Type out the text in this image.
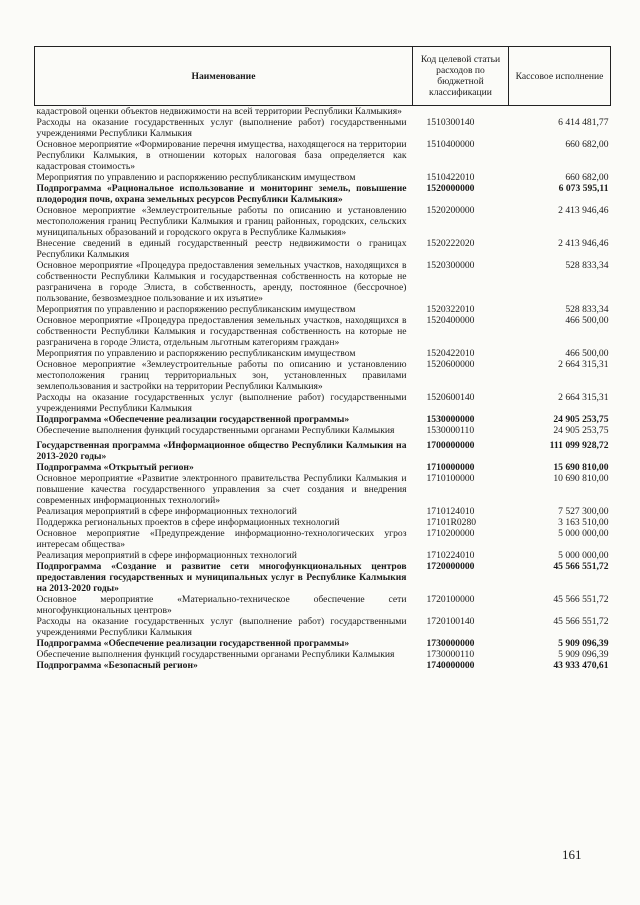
Наименование	Код целевой статьи расходов по бюджетной классификации	Кассовое исполнение
кадастровой оценки объектов недвижимости на всей территории Республики Калмыкия»		
Расходы на оказание государственных услуг (выполнение работ) государственными учреждениями Республики Калмыкия	1510300140	6 414 481,77
Основное мероприятие «Формирование перечня имущества, находящегося на территории Республики Калмыкия, в отношении которых налоговая база определяется как кадастровая стоимость»	1510400000	660 682,00
Мероприятия по управлению и распоряжению республиканским имуществом	1510422010	660 682,00
Подпрограмма «Рациональное использование и мониторинг земель, повышение плодородия почв, охрана земельных ресурсов Республики Калмыкия»	1520000000	6 073 595,11
Основное мероприятие «Землеустроительные работы по описанию и установлению местоположения границ Республики Калмыкия и границ районных, городских, сельских муниципальных образований и городского округа в Республике Калмыкия»	1520200000	2 413 946,46
Внесение сведений в единый государственный реестр недвижимости о границах Республики Калмыкия	1520222020	2 413 946,46
Основное мероприятие «Процедура предоставления земельных участков, находящихся в собственности Республики Калмыкия и государственная собственность на которые не разграничена в городе Элиста, в собственность, аренду, постоянное (бессрочное) пользование, безвозмездное пользование и их изъятие»	1520300000	528 833,34
Мероприятия по управлению и распоряжению республиканским имуществом	1520322010	528 833,34
Основное мероприятие «Процедура предоставления земельных участков, находящихся в собственности Республики Калмыкия и государственная собственность на которые не разграничена в городе Элиста, отдельным льготным категориям граждан»	1520400000	466 500,00
Мероприятия по управлению и распоряжению республиканским имуществом	1520422010	466 500,00
Основное мероприятие «Землеустроительные работы по описанию и установлению местоположения границ территориальных зон, установленных правилами землепользования и застройки на территории Республики Калмыкия»	1520600000	2 664 315,31
Расходы на оказание государственных услуг (выполнение работ) государственными учреждениями Республики Калмыкия	1520600140	2 664 315,31
Подпрограмма «Обеспечение реализации государственной программы»	1530000000	24 905 253,75
Обеспечение выполнения функций государственными органами Республики Калмыкия	1530000110	24 905 253,75
Государственная программа «Информационное общество Республики Калмыкия на 2013-2020 годы»	1700000000	111 099 928,72
Подпрограмма «Открытый регион»	1710000000	15 690 810,00
Основное мероприятие «Развитие электронного правительства Республики Калмыкия и повышение качества государственного управления за счет создания и внедрения современных информационных технологий»	1710100000	10 690 810,00
Реализация мероприятий в сфере информационных технологий	1710124010	7 527 300,00
Поддержка региональных проектов в сфере информационных технологий	17101R0280	3 163 510,00
Основное мероприятие «Предупреждение информационно-технологических угроз интересам общества»	1710200000	5 000 000,00
Реализация мероприятий в сфере информационных технологий	1710224010	5 000 000,00
Подпрограмма «Создание и развитие сети многофункциональных центров предоставления государственных и муниципальных услуг в Республике Калмыкия на 2013-2020 годы»	1720000000	45 566 551,72
Основное мероприятие «Материально-техническое обеспечение сети многофункциональных центров»	1720100000	45 566 551,72
Расходы на оказание государственных услуг (выполнение работ) государственными учреждениями Республики Калмыкия	1720100140	45 566 551,72
Подпрограмма «Обеспечение реализации государственной программы»	1730000000	5 909 096,39
Обеспечение выполнения функций государственными органами Республики Калмыкия	1730000110	5 909 096,39
Подпрограмма «Безопасный регион»	1740000000	43 933 470,61
161
